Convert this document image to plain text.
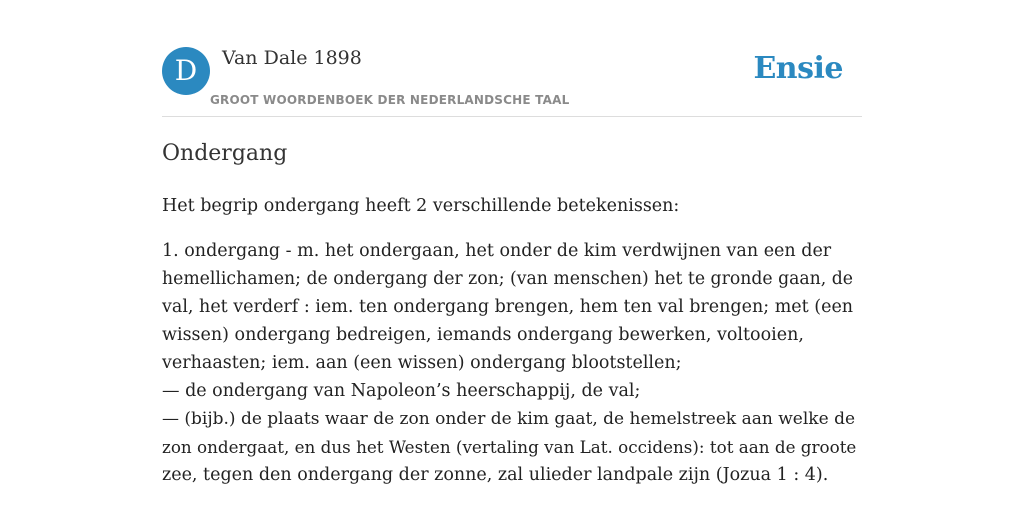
D	Van Dale 1898
GROOT WOORDENBOEK DER NEDERLANDSCHE TAAL
Ensie
Ondergang

Het begrip ondergang heeft 2 verschillende betekenissen:

1. ondergang - m. het ondergaan, het onder de kim verdwijnen van een der
hemellichamen; de ondergang der zon; (van menschen) het te gronde gaan, de
val, het verderf : iem. ten ondergang brengen, hem ten val brengen; met (een
wissen) ondergang bedreigen, iemands ondergang bewerken, voltooien,
verhaasten; iem. aan (een wissen) ondergang blootstellen;
— de ondergang van Napoleon’s heerschappij, de val;
— (bijb.) de plaats waar de zon onder de kim gaat, de hemelstreek aan welke de
zon ondergaat, en dus het Westen (vertaling van Lat. occidens): tot aan de groote
zee, tegen den ondergang der zonne, zal ulieder landpale zijn (Jozua 1 : 4).
